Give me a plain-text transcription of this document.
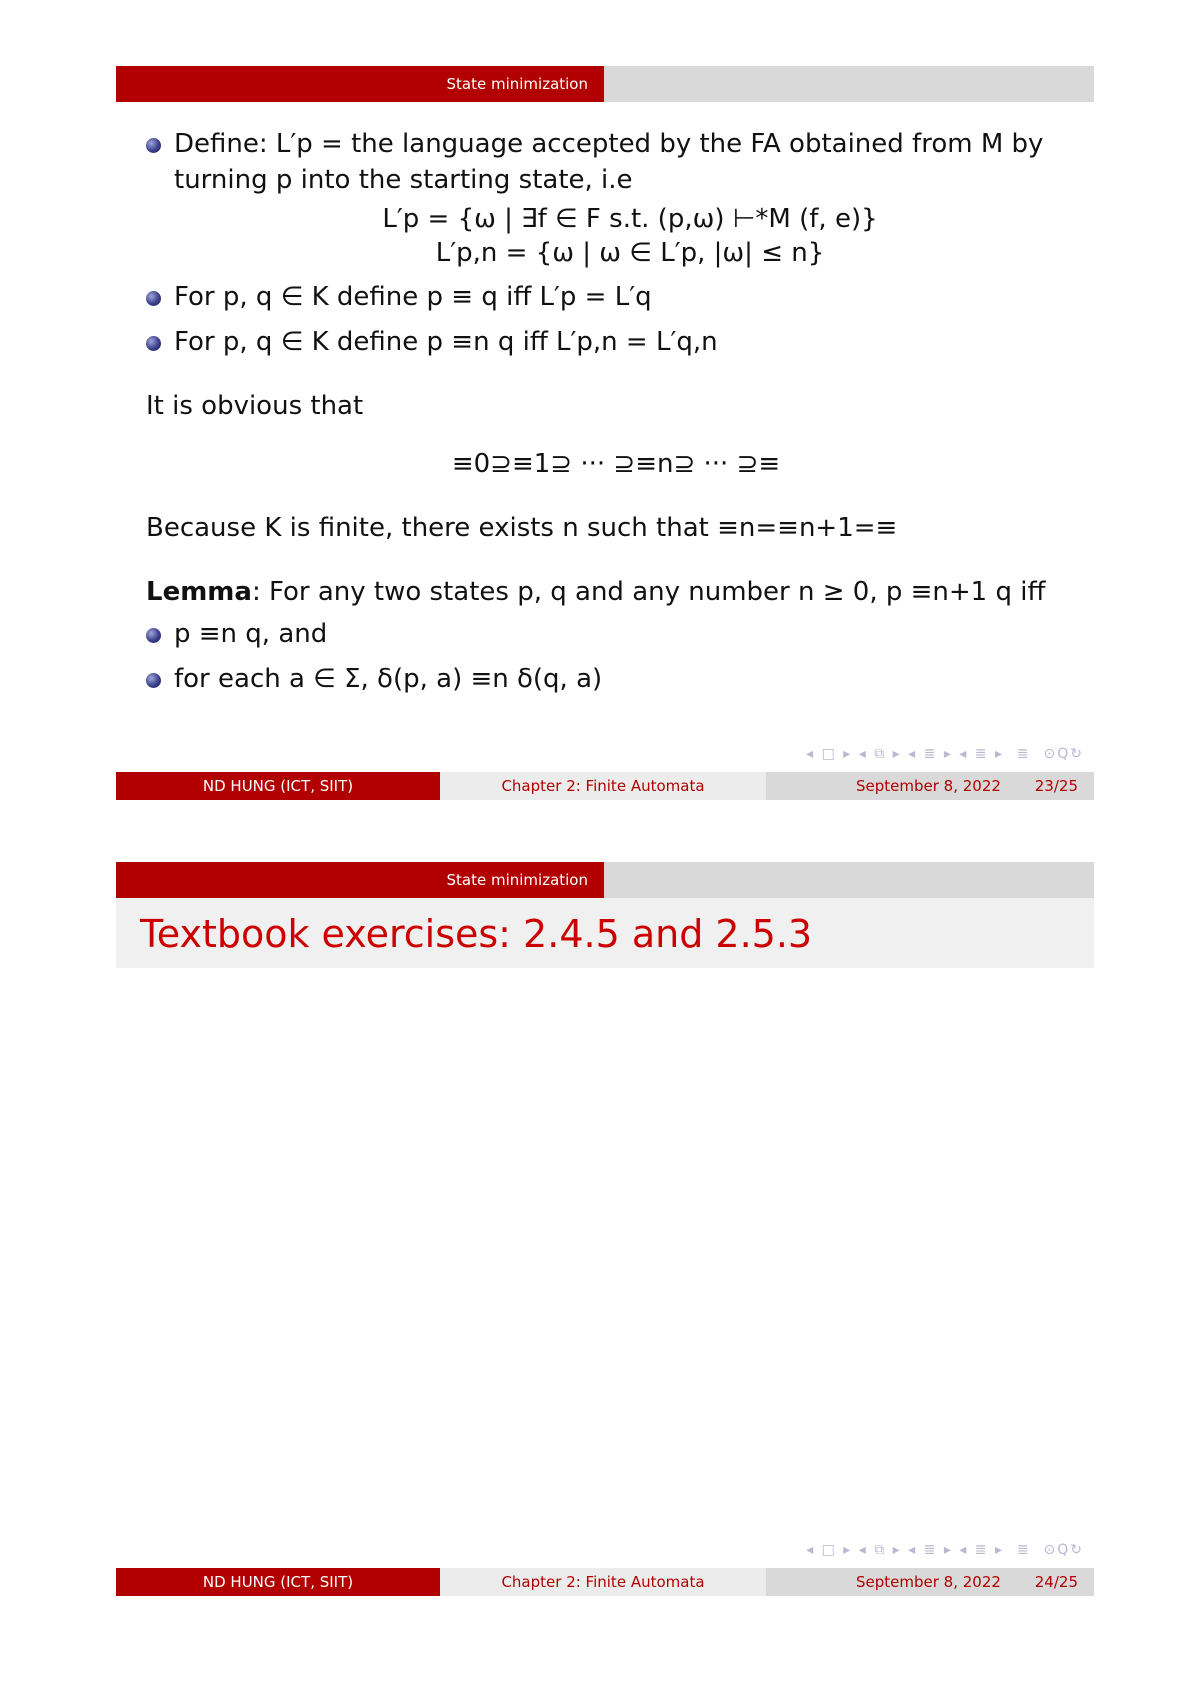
State minimization
Define: L′p = the language accepted by the FA obtained from M by turning p into the starting state, i.e

L′p = {ω | ∃f ∈ F s.t. (p,ω) ⊢*M (f, e)}

L′p,n = {ω | ω ∈ L′p, |ω| ≤ n}

For p, q ∈ K define p ≡ q iff L′p = L′q
For p, q ∈ K define p ≡n q iff L′p,n = L′q,n

It is obvious that

≡0⊇≡1⊇ ··· ⊇≡n⊇ ··· ⊇≡

Because K is finite, there exists n such that ≡n=≡n+1=≡

Lemma: For any two states p, q and any number n ≥ 0, p ≡n+1 q iff

p ≡n q, and
for each a ∈ Σ, δ(p, a) ≡n δ(q, a)
◂ □ ▸ ◂ ⧉ ▸ ◂ ≣ ▸ ◂ ≣ ▸  ≣  ⊙Q↻
ND HUNG (ICT, SIIT)	Chapter 2: Finite Automata	September 8, 2022 23/25
State minimization
Textbook exercises: 2.4.5 and 2.5.3
◂ □ ▸ ◂ ⧉ ▸ ◂ ≣ ▸ ◂ ≣ ▸  ≣  ⊙Q↻
ND HUNG (ICT, SIIT)	Chapter 2: Finite Automata	September 8, 2022 24/25
